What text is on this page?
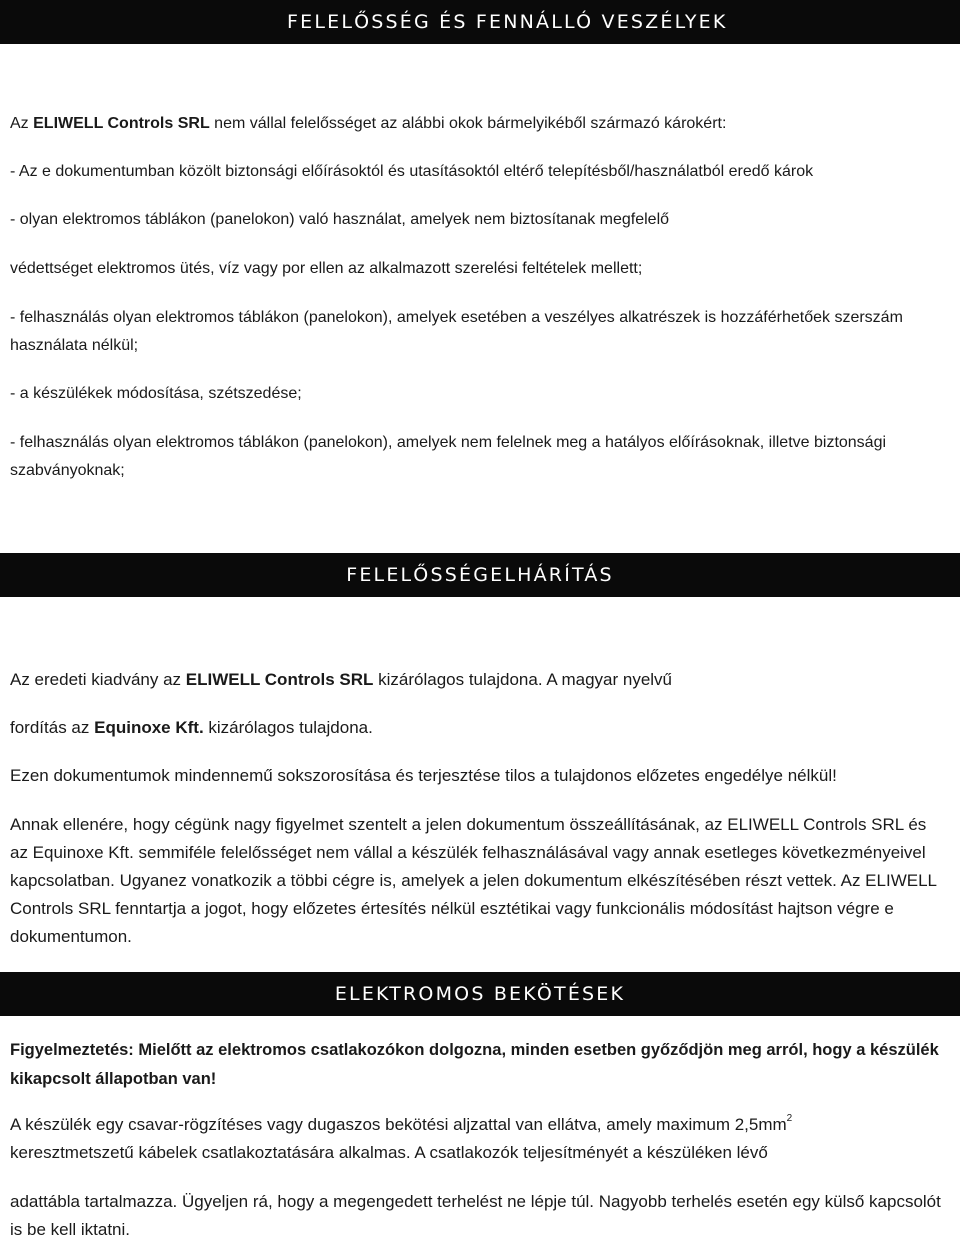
FELELŐSSÉG ÉS FENNÁLLÓ VESZÉLYEK

Az ELIWELL Controls SRL nem vállal felelősséget az alábbi okok bármelyikéből származó károkért:

- Az e dokumentumban közölt biztonsági előírásoktól és utasításoktól eltérő telepítésből/használatból eredő károk

- olyan elektromos táblákon (panelokon) való használat, amelyek nem biztosítanak megfelelő

védettséget elektromos ütés, víz vagy por ellen az alkalmazott szerelési feltételek mellett;

- felhasználás olyan elektromos táblákon (panelokon), amelyek esetében a veszélyes alkatrészek is hozzáférhetőek szerszám használata nélkül;

- a készülékek módosítása, szétszedése;

- felhasználás olyan elektromos táblákon (panelokon), amelyek nem felelnek meg a hatályos előírásoknak, illetve biztonsági szabványoknak;

FELELŐSSÉGELHÁRÍTÁS

Az eredeti kiadvány az ELIWELL Controls SRL kizárólagos tulajdona. A magyar nyelvű

fordítás az Equinoxe Kft. kizárólagos tulajdona.

Ezen dokumentumok mindennemű sokszorosítása és terjesztése tilos a tulajdonos előzetes engedélye nélkül!

Annak ellenére, hogy cégünk nagy figyelmet szentelt a jelen dokumentum összeállításának, az ELIWELL Controls SRL és az Equinoxe Kft. semmiféle felelősséget nem vállal a készülék felhasználásával vagy annak esetleges következményeivel kapcsolatban. Ugyanez vonatkozik a többi cégre is, amelyek a jelen dokumentum elkészítésében részt vettek. Az ELIWELL Controls SRL fenntartja a jogot, hogy előzetes értesítés nélkül esztétikai vagy funkcionális módosítást hajtson végre e dokumentumon.

ELEKTROMOS BEKÖTÉSEK

Figyelmeztetés: Mielőtt az elektromos csatlakozókon dolgozna, minden esetben győződjön meg arról, hogy a készülék kikapcsolt állapotban van!

A készülék egy csavar-rögzítéses vagy dugaszos bekötési aljzattal van ellátva, amely maximum $2,5mm^2$
keresztmetszetű kábelek csatlakoztatására alkalmas. A csatlakozók teljesítményét a készüléken lévő

adattábla tartalmazza. Ügyeljen rá, hogy a megengedett terhelést ne lépje túl. Nagyobb terhelés esetén egy külső kapcsolót is be kell iktatni.
